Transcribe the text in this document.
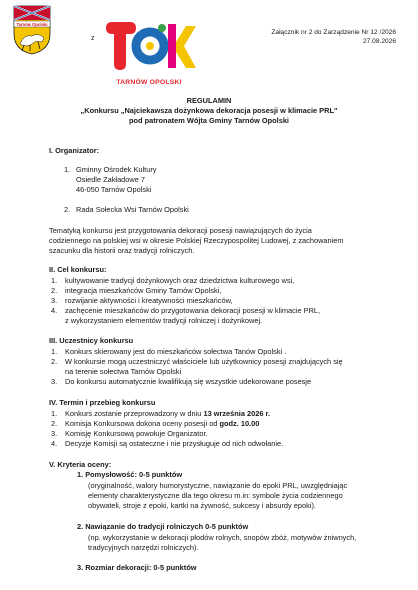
Tarnów Opolski
z
TARNÓW OPOLSKI
Załącznik nr 2 do Zarządzenie Nr 12 /2026
27.08.2026
REGULAMIN
„Konkursu „Najciekawsza dożynkowa dekoracja posesji w klimacie PRL"
pod patronatem Wójta Gminy Tarnów Opolski
I. Organizator:
1. Gminny Ośrodek Kultury
Osiedle Zakładowe 7
46-050 Tarnów Opolski
2. Rada Sołecka Wsi Tarnów Opolski
Tematyką konkursu jest przygotowania dekoracji posesji nawiązujących do życia
codziennego na polskiej wsi w okresie Polskiej Rzeczypospolitej Ludowej, z zachowaniem
szacunku dla historii oraz tradycji rolniczych.
II. Cel konkursu:
1. kultywowanie tradycji dożynkowych oraz dziedzictwa kulturowego wsi,
2. integracja mieszkańców Gminy Tarnów Opolski,
3. rozwijanie aktywności i kreatywności mieszkańców,
4. zachęcenie mieszkańców do przygotowania dekoracji posesji w klimacie PRL,
z wykorzystaniem elementów tradycji rolniczej i dożynkowej.
III. Uczestnicy konkursu
1. Konkurs skierowany jest do mieszkańców sołectwa Tanów Opolski .
2. W konkursie mogą uczestniczyć właściciele lub użytkownicy posesji znajdujących się
na terenie sołectwa Tarnów Opolski
3. Do konkursu automatycznie kwalifikują się wszystkie udekorowane posesje
IV. Termin i przebieg konkursu
1. Konkurs zostanie przeprowadzony w dniu 13 września 2026 r.
2. Komisja Konkursowa dokona oceny posesji od godz. 10.00
3. Komisję Konkursową powołuje Organizator.
4. Decyzje Komisji są ostateczne i nie przysługuje od nich odwołanie.
V. Kryteria oceny:
1. Pomysłowość: 0-5 punktów
(oryginalność, walory humorystyczne, nawiązanie do epoki PRL, uwzględniając
elementy charakterystyczne dla tego okresu m.in: symbole życia codziennego
obywateli, stroje z epoki, kartki na żywność, sukcesy i absurdy epoki).
2. Nawiązanie do tradycji rolniczych 0-5 punktów
(np. wykorzystanie w dekoracji płodów rolnych, snopów zbóż, motywów żniwnych,
tradycyjnych narzędzi rolniczych).
3. Rozmiar dekoracji: 0-5 punktów
